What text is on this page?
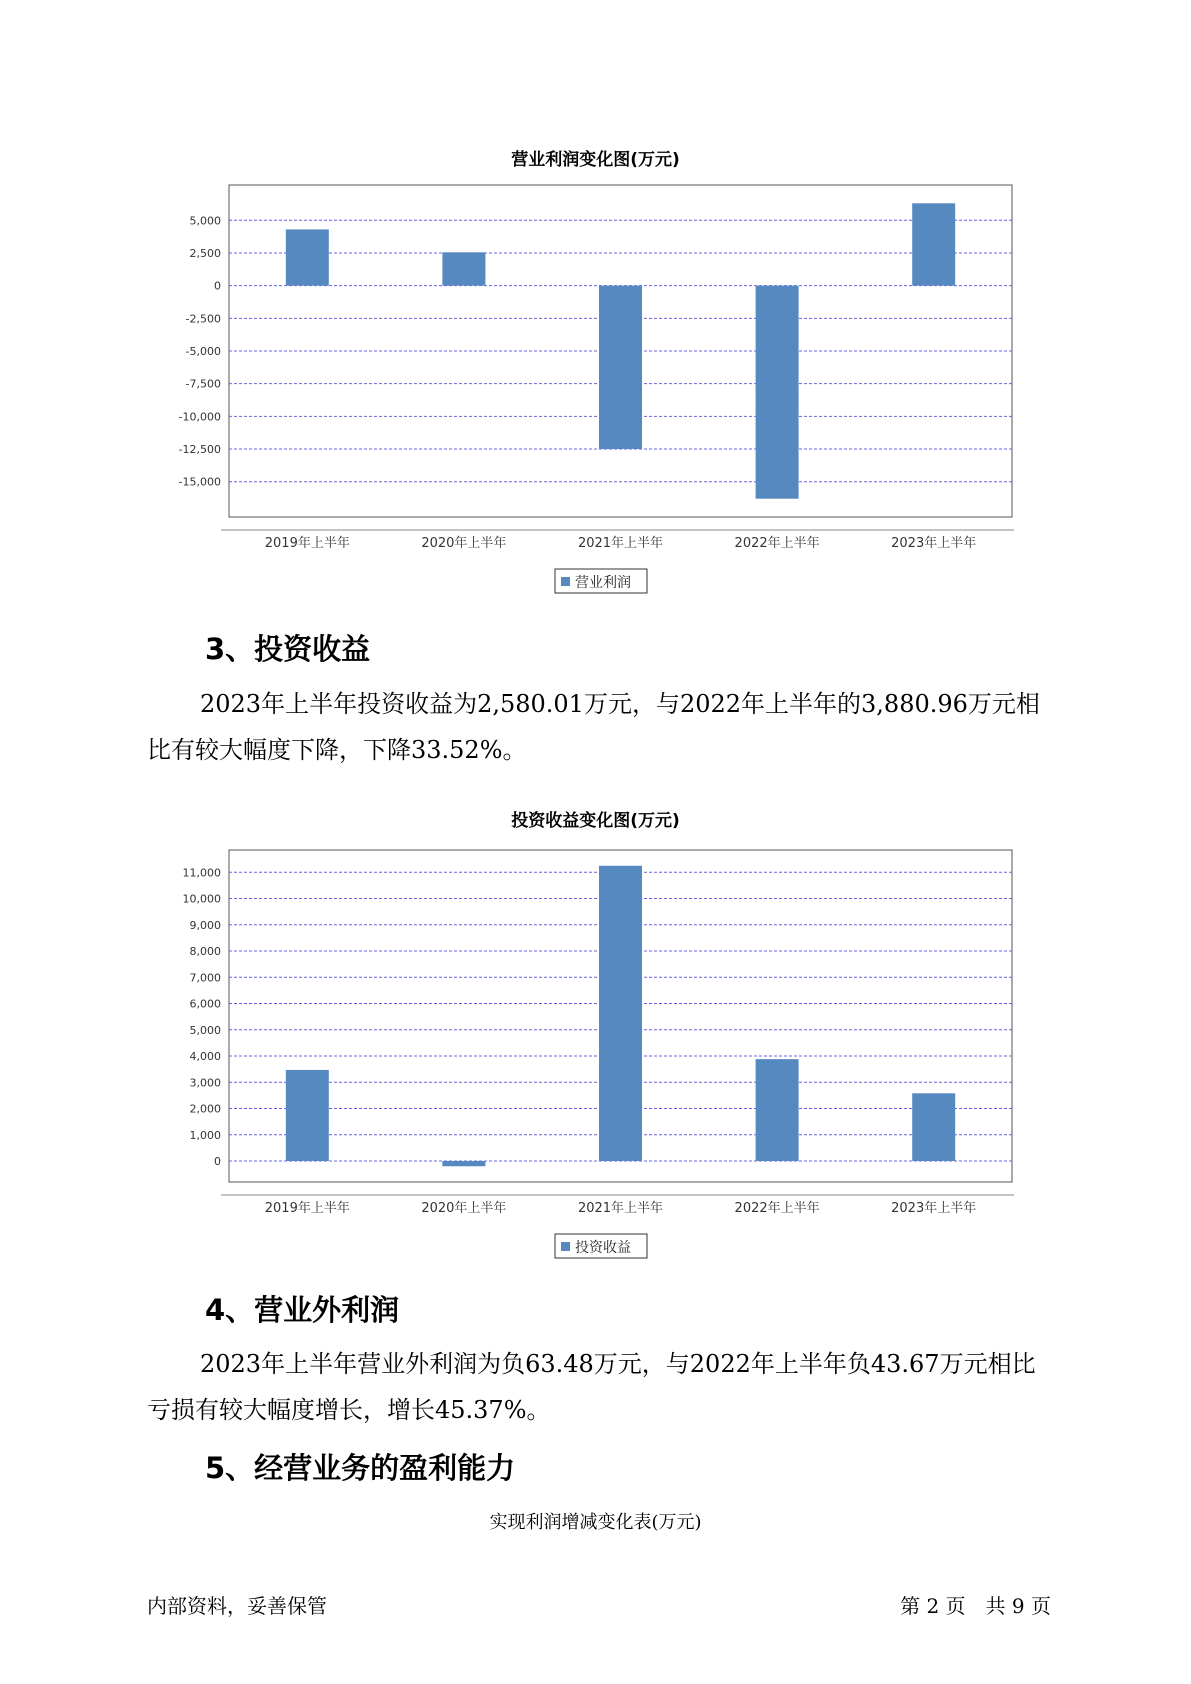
营业利润变化图(万元)
5,000
2,500
0
-2,500
-5,000
-7,500
-10,000
-12,500
-15,000
2019年上半年	2020年上半年	2021年上半年	2022年上半年	2023年上半年
营业利润
3、投资收益

2023年上半年投资收益为2,580.01万元，与2022年上半年的3,880.96万元相比有较大幅度下降，下降33.52%。

投资收益变化图(万元)
11,000
10,000
9,000
8,000
7,000
6,000
5,000
4,000
3,000
2,000
1,000
0
2019年上半年	2020年上半年	2021年上半年	2022年上半年	2023年上半年
投资收益
4、营业外利润

2023年上半年营业外利润为负63.48万元，与2022年上半年负43.67万元相比亏损有较大幅度增长，增长45.37%。

5、经营业务的盈利能力
实现利润增减变化表(万元)
内部资料，妥善保管	第 2 页　共 9 页
